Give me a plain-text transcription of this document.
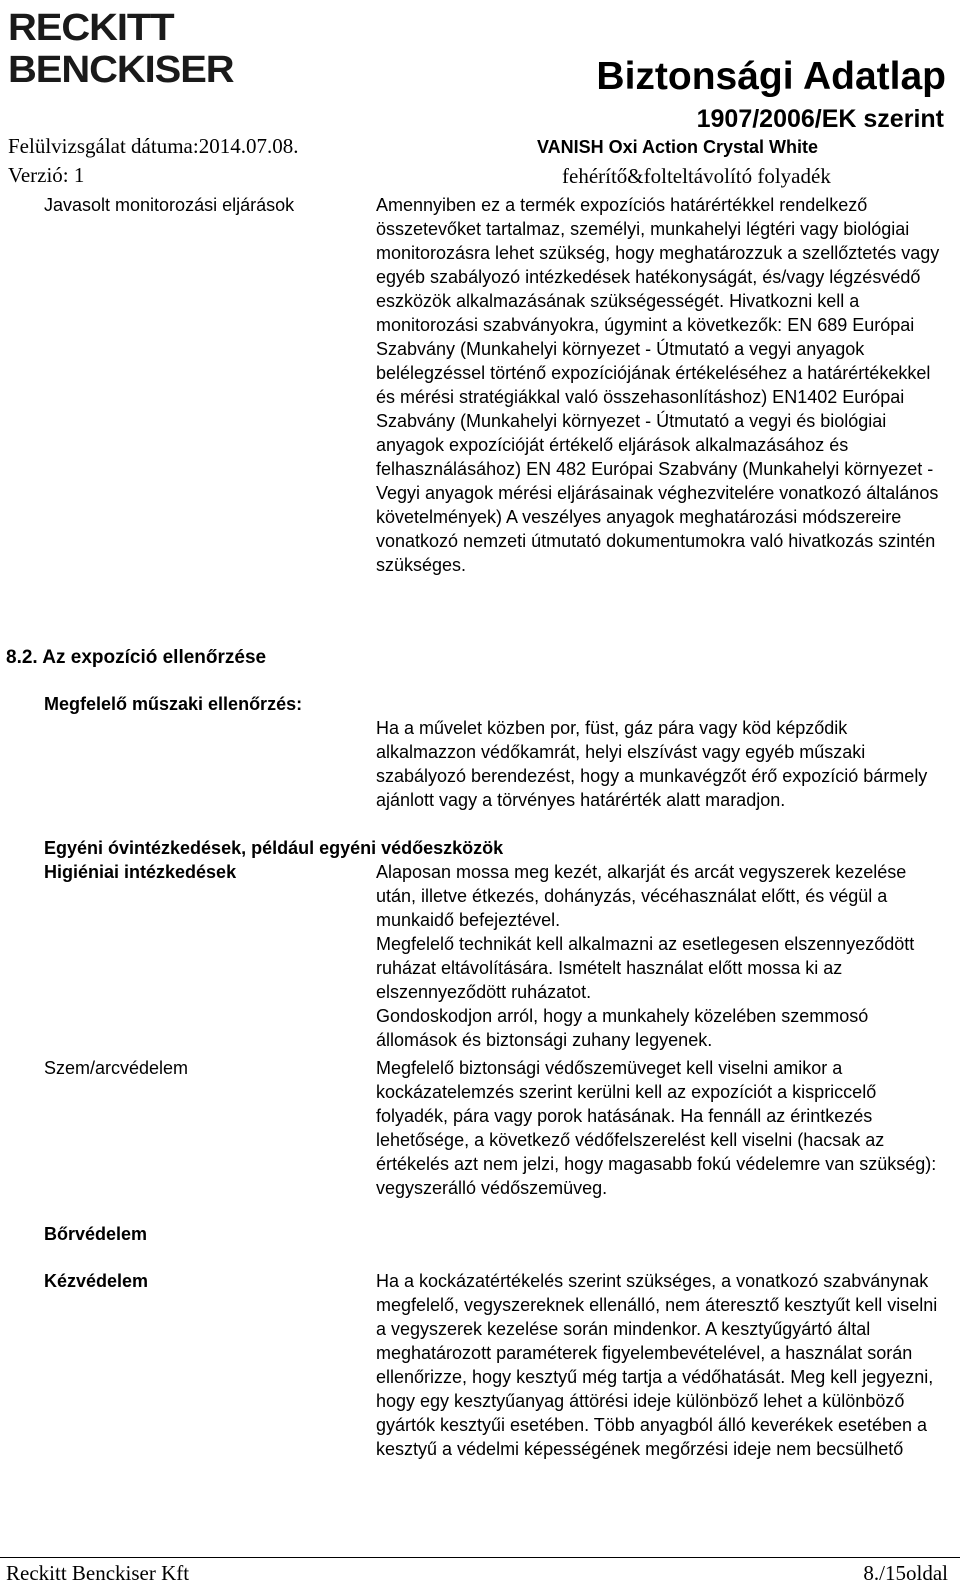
RECKITT
BENCKISER	Biztonsági Adatlap
1907/2006/EK szerint
Felülvizsgálat dátuma:2014.07.08.
Verzió: 1
VANISH Oxi Action Crystal White
fehérítő&folteltávolító folyadék
Javasolt monitorozási eljárások	Amennyiben ez a termék expozíciós határértékkel rendelkező összetevőket tartalmaz, személyi, munkahelyi légtéri vagy biológiai monitorozásra lehet szükség, hogy meghatározzuk a szellőztetés vagy egyéb szabályozó intézkedések hatékonyságát, és/vagy légzésvédő eszközök alkalmazásának szükségességét. Hivatkozni kell a monitorozási szabványokra, úgymint a következők: EN 689 Európai Szabvány (Munkahelyi környezet - Útmutató a vegyi anyagok belélegzéssel történő expozíciójának értékeléséhez a határértékekkel és mérési stratégiákkal való összehasonlításhoz) EN1402 Európai Szabvány (Munkahelyi környezet - Útmutató a vegyi és biológiai anyagok expozícióját értékelő eljárások alkalmazásához és felhasználásához) EN 482 Európai Szabvány (Munkahelyi környezet - Vegyi anyagok mérési eljárásainak véghezvitelére vonatkozó általános követelmények) A veszélyes anyagok meghatározási módszereire vonatkozó nemzeti útmutató dokumentumokra való hivatkozás szintén szükséges.
8.2. Az expozíció ellenőrzése
Megfelelő műszaki ellenőrzés:
Ha a művelet közben por, füst, gáz pára vagy köd képződik alkalmazzon védőkamrát, helyi elszívást vagy egyéb műszaki szabályozó berendezést, hogy a munkavégzőt érő expozíció bármely ajánlott vagy a törvényes határérték alatt maradjon.
Egyéni óvintézkedések, például egyéni védőeszközök
Higiéniai intézkedések	Alaposan mossa meg kezét, alkarját és arcát vegyszerek kezelése után, illetve étkezés, dohányzás, vécéhasználat előtt, és végül a munkaidő befejeztével.
Megfelelő technikát kell alkalmazni az esetlegesen elszennyeződött ruházat eltávolítására. Ismételt használat előtt mossa ki az elszennyeződött ruházatot.
Gondoskodjon arról, hogy a munkahely közelében szemmosó állomások és biztonsági zuhany legyenek.
Szem/arcvédelem	Megfelelő biztonsági védőszemüveget kell viselni amikor a kockázatelemzés szerint kerülni kell az expozíciót a kispriccelő folyadék, pára vagy porok hatásának. Ha fennáll az érintkezés lehetősége, a következő védőfelszerelést kell viselni (hacsak az értékelés azt nem jelzi, hogy magasabb fokú védelemre van szükség): vegyszerálló védőszemüveg.
Bőrvédelem
Kézvédelem	Ha a kockázatértékelés szerint szükséges, a vonatkozó szabványnak megfelelő, vegyszereknek ellenálló, nem áteresztő kesztyűt kell viselni a vegyszerek kezelése során mindenkor. A kesztyűgyártó által meghatározott paraméterek figyelembevételével, a használat során ellenőrizze, hogy kesztyű még tartja a védőhatását. Meg kell jegyezni, hogy egy kesztyűanyag áttörési ideje különböző lehet a különböző gyártók kesztyűi esetében. Több anyagból álló keverékek esetében a kesztyű a védelmi képességének megőrzési ideje nem becsülhető
Reckitt Benckiser Kft	8./15oldal
